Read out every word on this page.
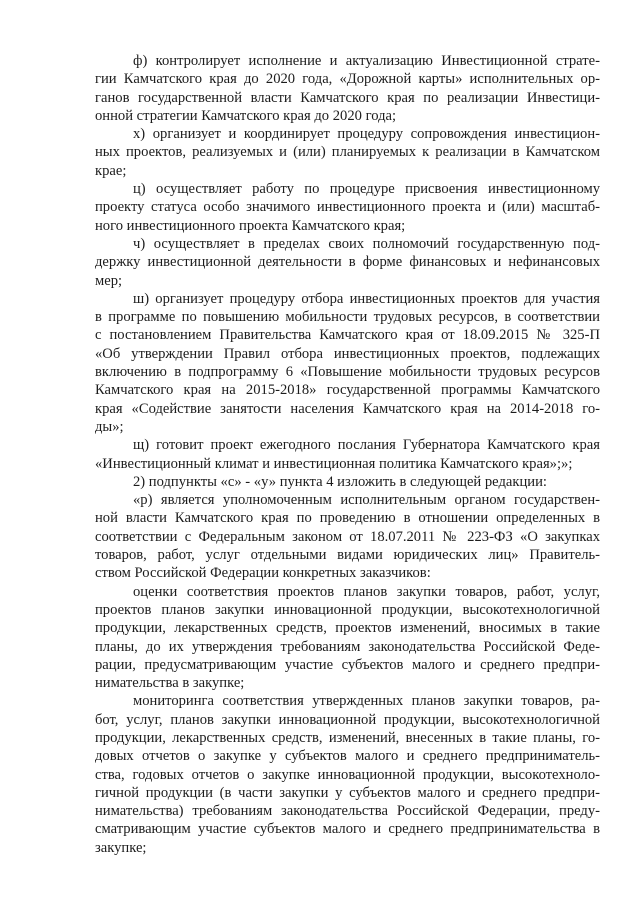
ф) контролирует исполнение и актуализацию Инвестиционной страте-
гии Камчатского края до 2020 года, «Дорожной карты» исполнительных ор-
ганов государственной власти Камчатского края по реализации Инвестици-
онной стратегии Камчатского края до 2020 года;

х) организует и координирует процедуру сопровождения инвестицион-
ных проектов, реализуемых и (или) планируемых к реализации в Камчатском
крае;

ц) осуществляет работу по процедуре присвоения инвестиционному
проекту статуса особо значимого инвестиционного проекта и (или) масштаб-
ного инвестиционного проекта Камчатского края;

ч) осуществляет в пределах своих полномочий государственную под-
держку инвестиционной деятельности в форме финансовых и нефинансовых
мер;

ш) организует процедуру отбора инвестиционных проектов для участия
в программе по повышению мобильности трудовых ресурсов, в соответствии
с постановлением Правительства Камчатского края от 18.09.2015 № 325-П
«Об утверждении Правил отбора инвестиционных проектов, подлежащих
включению в подпрограмму 6 «Повышение мобильности трудовых ресурсов
Камчатского края на 2015-2018» государственной программы Камчатского
края «Содействие занятости населения Камчатского края на 2014-2018 го-
ды»;

щ) готовит проект ежегодного послания Губернатора Камчатского края
«Инвестиционный климат и инвестиционная политика Камчатского края»;»;

2) подпункты «с» - «у» пункта 4 изложить в следующей редакции:

«р) является уполномоченным исполнительным органом государствен-
ной власти Камчатского края по проведению в отношении определенных в
соответствии с Федеральным законом от 18.07.2011 № 223-ФЗ «О закупках
товаров, работ, услуг отдельными видами юридических лиц» Правитель-
ством Российской Федерации конкретных заказчиков:

оценки соответствия проектов планов закупки товаров, работ, услуг,
проектов планов закупки инновационной продукции, высокотехнологичной
продукции, лекарственных средств, проектов изменений, вносимых в такие
планы, до их утверждения требованиям законодательства Российской Феде-
рации, предусматривающим участие субъектов малого и среднего предпри-
нимательства в закупке;

мониторинга соответствия утвержденных планов закупки товаров, ра-
бот, услуг, планов закупки инновационной продукции, высокотехнологичной
продукции, лекарственных средств, изменений, внесенных в такие планы, го-
довых отчетов о закупке у субъектов малого и среднего предприниматель-
ства, годовых отчетов о закупке инновационной продукции, высокотехноло-
гичной продукции (в части закупки у субъектов малого и среднего предпри-
нимательства) требованиям законодательства Российской Федерации, преду-
сматривающим участие субъектов малого и среднего предпринимательства в
закупке;
